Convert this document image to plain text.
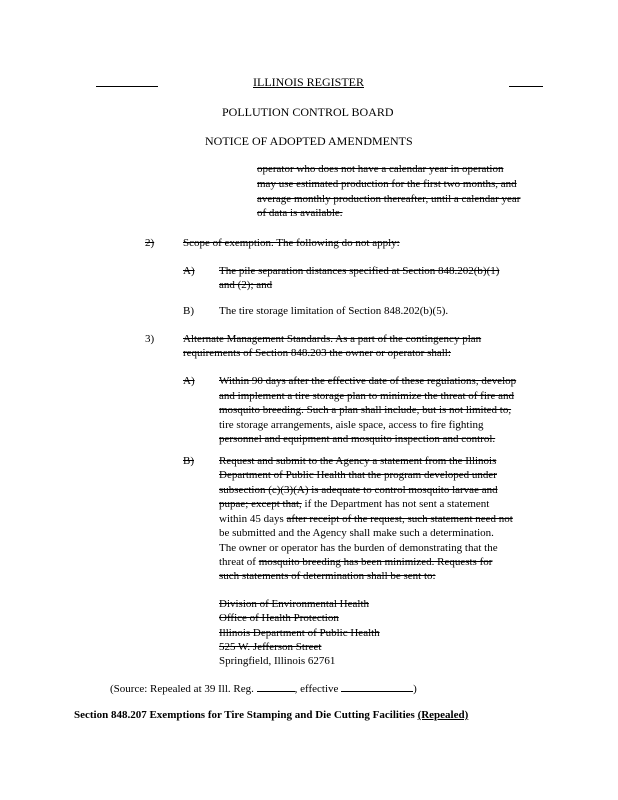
ILLINOIS REGISTER
POLLUTION CONTROL BOARD
NOTICE OF ADOPTED AMENDMENTS
operator who does not have a calendar year in operation
may use estimated production for the first two months, and
average monthly production thereafter, until a calendar year
of data is available.
2)	Scope of exemption. The following do not apply:
A) The pile separation distances specified at Section 848.202(b)(1)
and (2); and
B) The tire storage limitation of Section 848.202(b)(5).
3)	Alternate Management Standards. As a part of the contingency plan
requirements of Section 848.203 the owner or operator shall:
A) Within 90 days after the effective date of these regulations, develop
and implement a tire storage plan to minimize the threat of fire and
mosquito breeding. Such a plan shall include, but is not limited to,
tire storage arrangements, aisle space, access to fire fighting
personnel and equipment and mosquito inspection and control.
B) Request and submit to the Agency a statement from the Illinois
Department of Public Health that the program developed under
subsection (c)(3)(A) is adequate to control mosquito larvae and
pupae; except that, if the Department has not sent a statement
within 45 days after receipt of the request, such statement need not
be submitted and the Agency shall make such a determination.
The owner or operator has the burden of demonstrating that the
threat of mosquito breeding has been minimized. Requests for
such statements of determination shall be sent to:
Division of Environmental Health
Office of Health Protection
Illinois Department of Public Health
525 W. Jefferson Street
Springfield, Illinois 62761
(Source: Repealed at 39 Ill. Reg.	, effective	)
Section 848.207 Exemptions for Tire Stamping and Die Cutting Facilities (Repealed)
